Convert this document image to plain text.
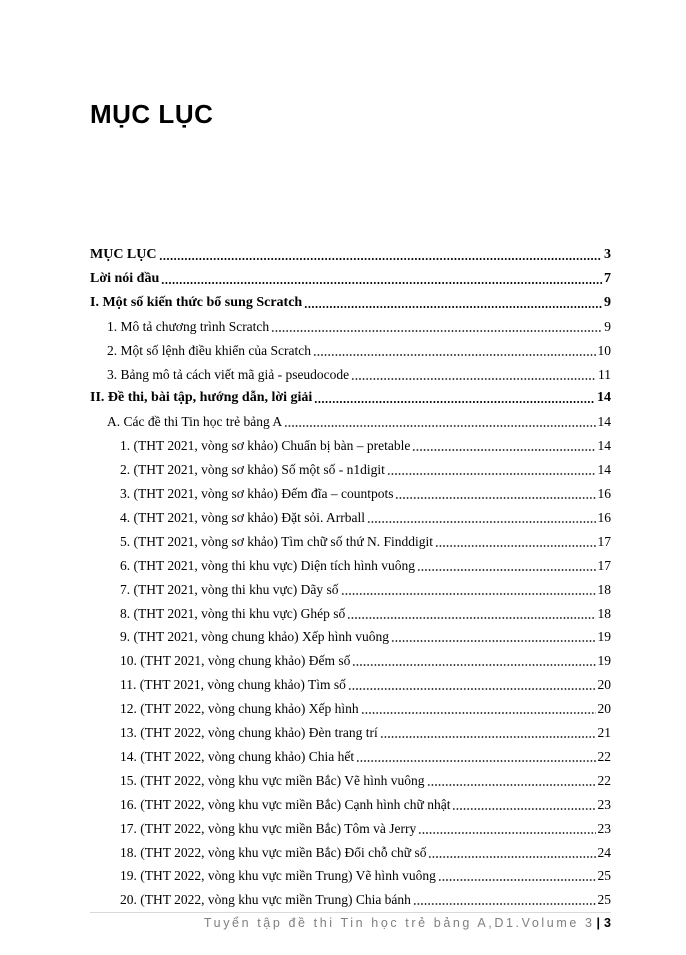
MỤC LỤC
MỤC LỤC	3
Lời nói đầu	7
I. Một số kiến thức bổ sung Scratch	9
1. Mô tả chương trình Scratch	9
2. Một số lệnh điều khiển của Scratch	10
3. Bảng mô tả cách viết mã giả - pseudocode	11
II. Đề thi, bài tập, hướng dẫn, lời giải	14
A. Các đề thi Tin học trẻ bảng A	14
1. (THT 2021, vòng sơ khảo) Chuẩn bị bàn – pretable	14
2. (THT 2021, vòng sơ khảo) Số một số - n1digit	14
3. (THT 2021, vòng sơ khảo) Đếm đĩa – countpots	16
4. (THT 2021, vòng sơ khảo) Đặt sỏi. Arrball	16
5. (THT 2021, vòng sơ khảo) Tìm chữ số thứ N. Finddigit	17
6. (THT 2021, vòng thi khu vực) Diện tích hình vuông	17
7. (THT 2021, vòng thi khu vực) Dãy số	18
8. (THT 2021, vòng thi khu vực) Ghép số	18
9. (THT 2021, vòng chung khảo) Xếp hình vuông	19
10. (THT 2021, vòng chung khảo) Đếm số	19
11. (THT 2021, vòng chung khảo) Tìm số	20
12. (THT 2022, vòng chung khảo) Xếp hình	20
13. (THT 2022, vòng chung khảo) Đèn trang trí	21
14. (THT 2022, vòng chung khảo) Chia hết	22
15. (THT 2022, vòng khu vực miền Bắc) Vẽ hình vuông	22
16. (THT 2022, vòng khu vực miền Bắc) Cạnh hình chữ nhật	23
17. (THT 2022, vòng khu vực miền Bắc) Tôm và Jerry	23
18. (THT 2022, vòng khu vực miền Bắc) Đổi chỗ chữ số	24
19. (THT 2022, vòng khu vực miền Trung) Vẽ hình vuông	25
20. (THT 2022, vòng khu vực miền Trung) Chia bánh	25
Tuyển tập đề thi Tin học trẻ bảng A,D1.Volume 3 | 3
